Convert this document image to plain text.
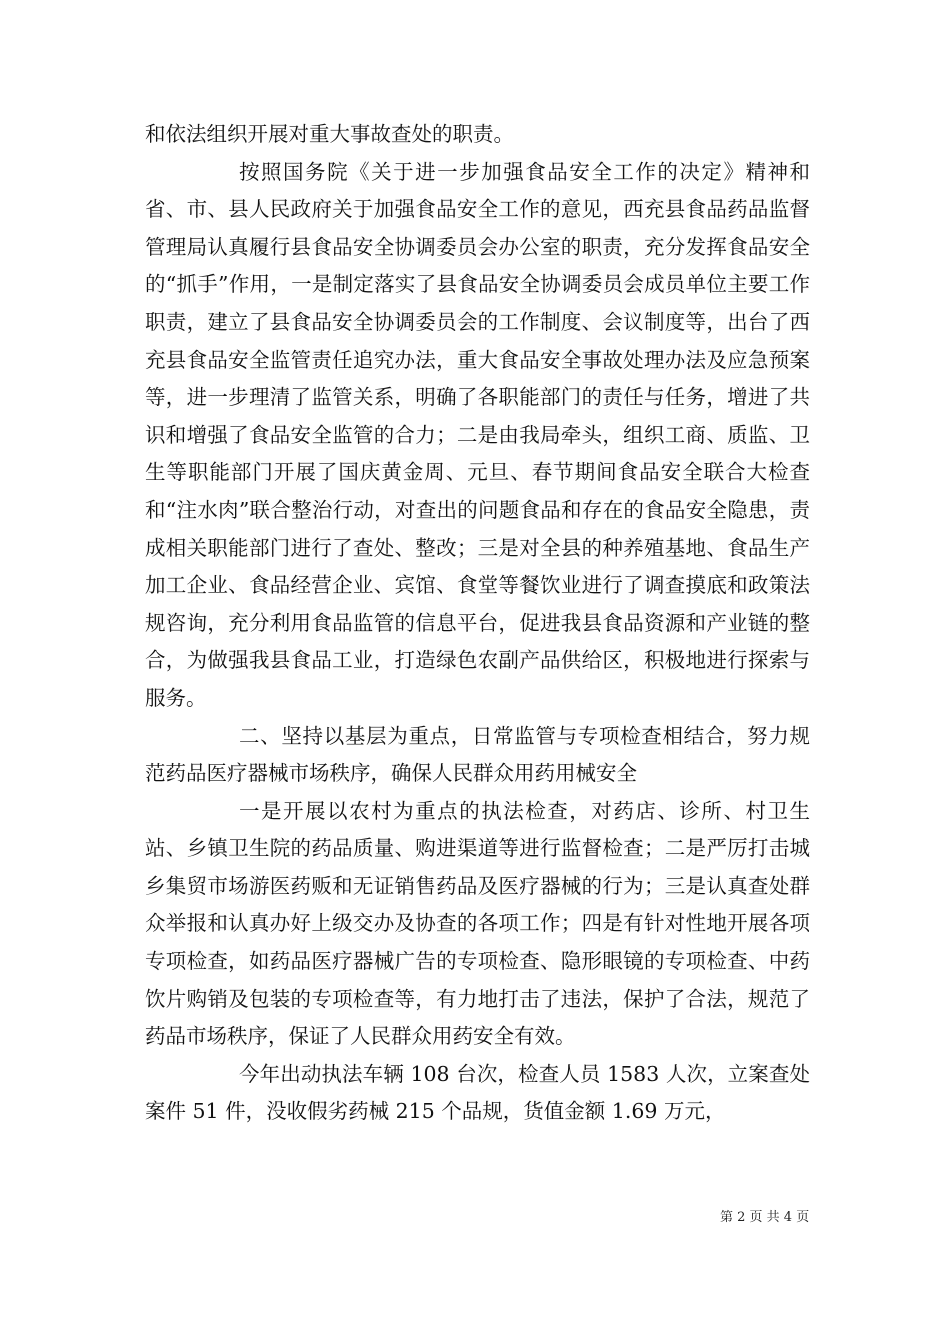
和依法组织开展对重大事故查处的职责。

按照国务院《关于进一步加强食品安全工作的决定》精神和省、市、县人民政府关于加强食品安全工作的意见，西充县食品药品监督管理局认真履行县食品安全协调委员会办公室的职责，充分发挥食品安全的“抓手”作用，一是制定落实了县食品安全协调委员会成员单位主要工作职责，建立了县食品安全协调委员会的工作制度、会议制度等，出台了西充县食品安全监管责任追究办法，重大食品安全事故处理办法及应急预案等，进一步理清了监管关系，明确了各职能部门的责任与任务，增进了共识和增强了食品安全监管的合力；二是由我局牵头，组织工商、质监、卫生等职能部门开展了国庆黄金周、元旦、春节期间食品安全联合大检查和“注水肉”联合整治行动，对查出的问题食品和存在的食品安全隐患，责成相关职能部门进行了查处、整改；三是对全县的种养殖基地、食品生产加工企业、食品经营企业、宾馆、食堂等餐饮业进行了调查摸底和政策法规咨询，充分利用食品监管的信息平台，促进我县食品资源和产业链的整合，为做强我县食品工业，打造绿色农副产品供给区，积极地进行探索与服务。

二、坚持以基层为重点，日常监管与专项检查相结合，努力规范药品医疗器械市场秩序，确保人民群众用药用械安全

一是开展以农村为重点的执法检查，对药店、诊所、村卫生站、乡镇卫生院的药品质量、购进渠道等进行监督检查；二是严厉打击城乡集贸市场游医药贩和无证销售药品及医疗器械的行为；三是认真查处群众举报和认真办好上级交办及协查的各项工作；四是有针对性地开展各项专项检查，如药品医疗器械广告的专项检查、隐形眼镜的专项检查、中药饮片购销及包装的专项检查等，有力地打击了违法，保护了合法，规范了药品市场秩序，保证了人民群众用药安全有效。

今年出动执法车辆 108 台次，检查人员 1583 人次，立案查处案件 51 件，没收假劣药械 215 个品规，货值金额 1.69 万元，

第 2 页 共 4 页
